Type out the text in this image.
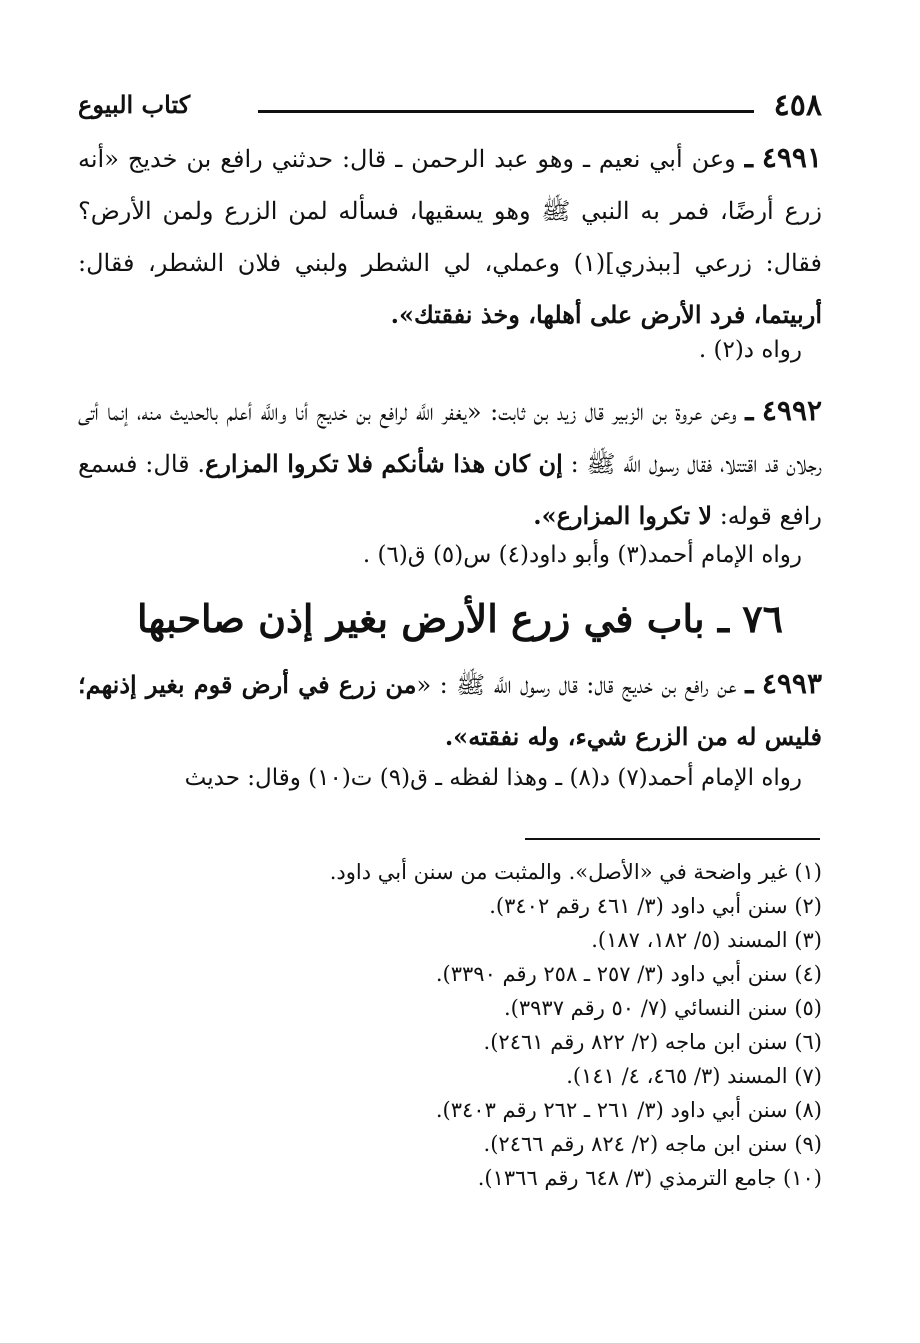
٤٥٨
كتاب البيوع
٤٩٩١ ـ وعن أبي نعيم ـ وهو عبد الرحمن ـ قال: حدثني رافع بن خديج «أنه زرع أرضًا، فمر به النبي ﷺ وهو يسقيها، فسأله لمن الزرع ولمن الأرض؟ فقال: زرعي [ببذري](١) وعملي، لي الشطر ولبني فلان الشطر، فقال: أربيتما، فرد الأرض على أهلها، وخذ نفقتك».
رواه د(٢) .
٤٩٩٢ ـ وعن عروة بن الزبير قال زيد بن ثابت: «يغفر اللَّه لرافع بن خديج أنا واللَّه أعلم بالحديث منه، إنما أتى رجلان قد اقتتلا، فقال رسول اللَّه ﷺ : إن كان هذا شأنكم فلا تكروا المزارع. قال: فسمع رافع قوله: لا تكروا المزارع».
رواه الإمام أحمد(٣) وأبو داود(٤) س(٥) ق(٦) .
٧٦ ـ باب في زرع الأرض بغير إذن صاحبها
٤٩٩٣ ـ عن رافع بن خديج قال: قال رسول اللَّه ﷺ : «من زرع في أرض قوم بغير إذنهم؛ فليس له من الزرع شيء، وله نفقته».
رواه الإمام أحمد(٧) د(٨) ـ وهذا لفظه ـ ق(٩) ت(١٠) وقال: حديث
(١) غير واضحة في «الأصل». والمثبت من سنن أبي داود.
(٢) سنن أبي داود (٣/ ٤٦١ رقم ٣٤٠٢).
(٣) المسند (٥/ ١٨٢، ١٨٧).
(٤) سنن أبي داود (٣/ ٢٥٧ ـ ٢٥٨ رقم ٣٣٩٠).
(٥) سنن النسائي (٧/ ٥٠ رقم ٣٩٣٧).
(٦) سنن ابن ماجه (٢/ ٨٢٢ رقم ٢٤٦١).
(٧) المسند (٣/ ٤٦٥، ٤/ ١٤١).
(٨) سنن أبي داود (٣/ ٢٦١ ـ ٢٦٢ رقم ٣٤٠٣).
(٩) سنن ابن ماجه (٢/ ٨٢٤ رقم ٢٤٦٦).
(١٠) جامع الترمذي (٣/ ٦٤٨ رقم ١٣٦٦).
